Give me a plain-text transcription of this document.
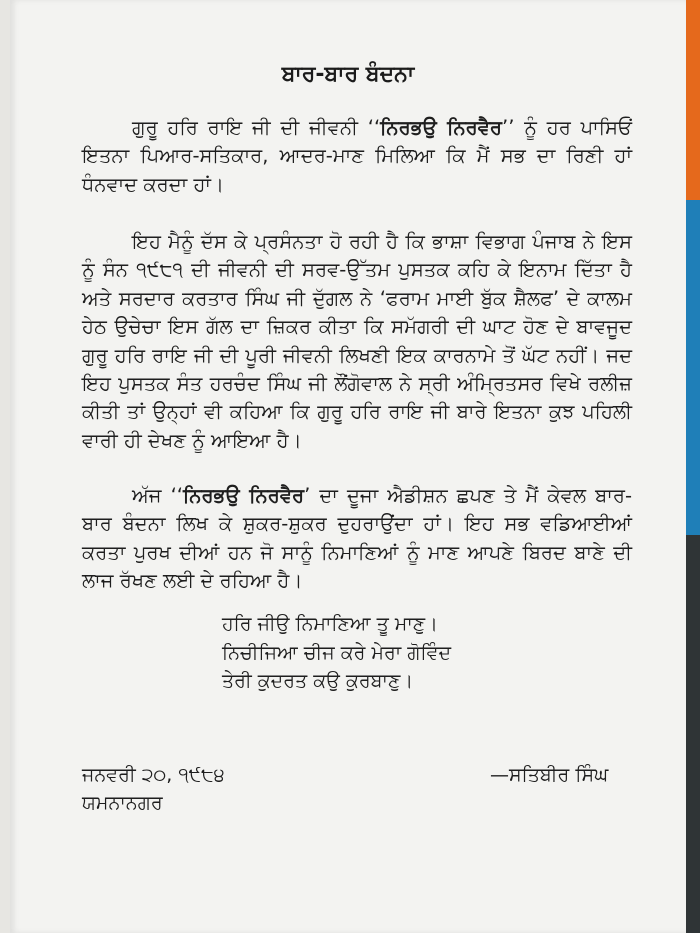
ਬਾਰ-ਬਾਰ ਬੰਦਨਾ

ਗੁਰੂ ਹਰਿ ਰਾਇ ਜੀ ਦੀ ਜੀਵਨੀ ‘‘ਨਿਰਭਉ ਨਿਰਵੈਰ’’ ਨੂੰ ਹਰ ਪਾਸਿਓਂ ਇਤਨਾ ਪਿਆਰ-ਸਤਿਕਾਰ, ਆਦਰ-ਮਾਣ ਮਿਲਿਆ ਕਿ ਮੈਂ ਸਭ ਦਾ ਰਿਣੀ ਹਾਂ ਧੰਨਵਾਦ ਕਰਦਾ ਹਾਂ।

ਇਹ ਮੈਨੂੰ ਦੱਸ ਕੇ ਪ੍ਰਸੰਨਤਾ ਹੋ ਰਹੀ ਹੈ ਕਿ ਭਾਸ਼ਾ ਵਿਭਾਗ ਪੰਜਾਬ ਨੇ ਇਸ ਨੂੰ ਸੰਨ ੧੯੮੧ ਦੀ ਜੀਵਨੀ ਦੀ ਸਰਵ-ਉੱਤਮ ਪੁਸਤਕ ਕਹਿ ਕੇ ਇਨਾਮ ਦਿੱਤਾ ਹੈ ਅਤੇ ਸਰਦਾਰ ਕਰਤਾਰ ਸਿੰਘ ਜੀ ਦੁੱਗਲ ਨੇ ‘ਫਰਾਮ ਮਾਈ ਬੁੱਕ ਸ਼ੈਲਫ’ ਦੇ ਕਾਲਮ ਹੇਠ ਉਚੇਚਾ ਇਸ ਗੱਲ ਦਾ ਜ਼ਿਕਰ ਕੀਤਾ ਕਿ ਸਮੱਗਰੀ ਦੀ ਘਾਟ ਹੋਣ ਦੇ ਬਾਵਜੂਦ ਗੁਰੂ ਹਰਿ ਰਾਇ ਜੀ ਦੀ ਪੂਰੀ ਜੀਵਨੀ ਲਿਖਣੀ ਇਕ ਕਾਰਨਾਮੇ ਤੋਂ ਘੱਟ ਨਹੀਂ। ਜਦ ਇਹ ਪੁਸਤਕ ਸੰਤ ਹਰਚੰਦ ਸਿੰਘ ਜੀ ਲੌਂਗੋਵਾਲ ਨੇ ਸ੍ਰੀ ਅੰਮ੍ਰਿਤਸਰ ਵਿਖੇ ਰਲੀਜ਼ ਕੀਤੀ ਤਾਂ ਉਨ੍ਹਾਂ ਵੀ ਕਹਿਆ ਕਿ ਗੁਰੂ ਹਰਿ ਰਾਇ ਜੀ ਬਾਰੇ ਇਤਨਾ ਕੁਝ ਪਹਿਲੀ ਵਾਰੀ ਹੀ ਦੇਖਣ ਨੂੰ ਆਇਆ ਹੈ।

ਅੱਜ ‘‘ਨਿਰਭਉ ਨਿਰਵੈਰ’ ਦਾ ਦੂਜਾ ਐਡੀਸ਼ਨ ਛਪਣ ਤੇ ਮੈਂ ਕੇਵਲ ਬਾਰ-ਬਾਰ ਬੰਦਨਾ ਲਿਖ ਕੇ ਸ਼ੁਕਰ-ਸ਼ੁਕਰ ਦੁਹਰਾਉਂਦਾ ਹਾਂ। ਇਹ ਸਭ ਵਡਿਆਈਆਂ ਕਰਤਾ ਪੁਰਖ ਦੀਆਂ ਹਨ ਜੋ ਸਾਨੂੰ ਨਿਮਾਣਿਆਂ ਨੂੰ ਮਾਣ ਆਪਣੇ ਬਿਰਦ ਬਾਣੇ ਦੀ ਲਾਜ ਰੱਖਣ ਲਈ ਦੇ ਰਹਿਆ ਹੈ।

ਹਰਿ ਜੀਉ ਨਿਮਾਣਿਆ ਤੂ ਮਾਣੁ।
ਨਿਚੀਜਿਆ ਚੀਜ ਕਰੇ ਮੇਰਾ ਗੋਵਿੰਦ
ਤੇਰੀ ਕੁਦਰਤ ਕਉ ਕੁਰਬਾਣੁ।
ਜਨਵਰੀ ੨੦, ੧੯੮੪
ਯਮਨਾਨਗਰ
—ਸਤਿਬੀਰ ਸਿੰਘ
